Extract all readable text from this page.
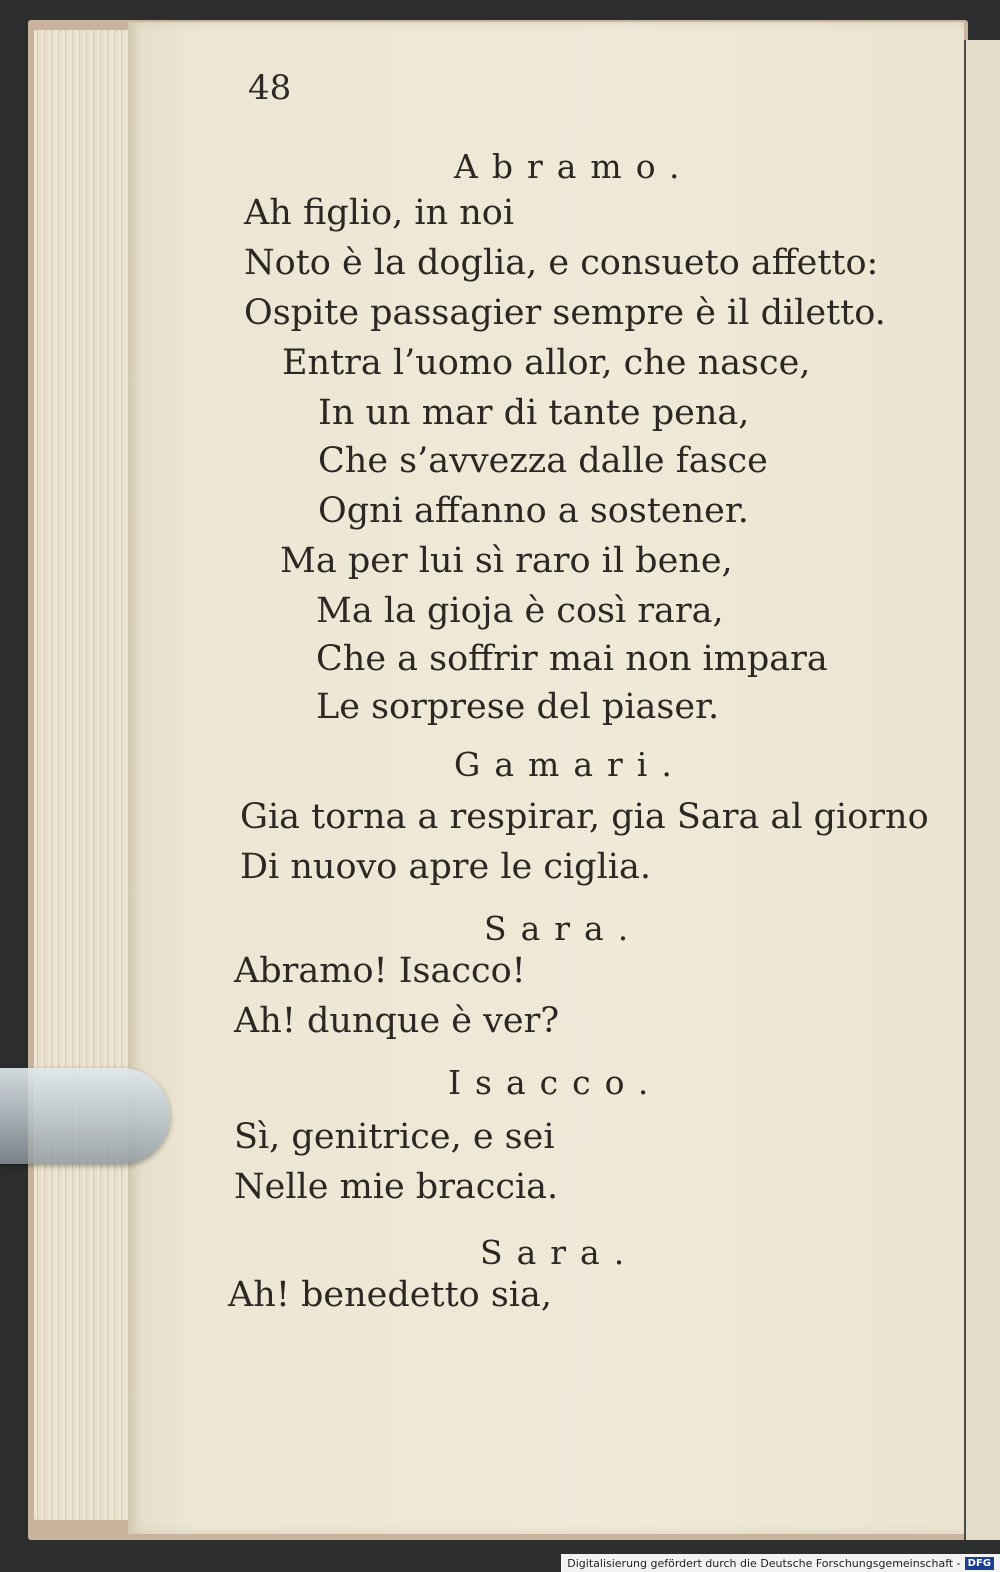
48
Abramo.
Ah figlio, in noi
Noto è la doglia, e consueto affetto:
Ospite passagier sempre è il diletto.
Entra l’uomo allor, che nasce,
In un mar di tante pena,
Che s’avvezza dalle fasce
Ogni affanno a sostener.
Ma per lui sì raro il bene,
Ma la gioja è così rara,
Che a soffrir mai non impara
Le sorprese del piaser.
Gamari.
Gia torna a respirar, gia Sara al giorno
Di nuovo apre le ciglia.
Sara.
Abramo! Isacco!
Ah! dunque è ver?
Isacco.
Sì, genitrice, e sei
Nelle mie braccia.
Sara.
Ah! benedetto sia,
Digitalisierung gefördert durch die Deutsche Forschungsgemeinschaft - DFG
